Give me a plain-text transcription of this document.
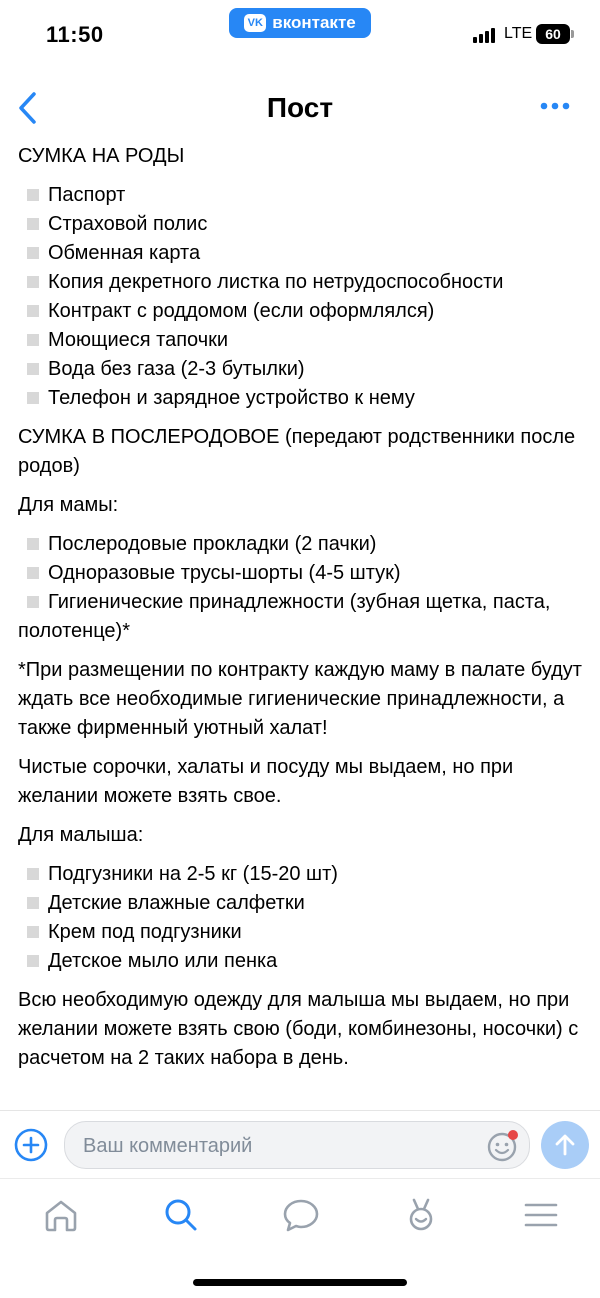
11:50	VK вконтакте
LTE 60
Пост

СУМКА НА РОДЫ

Паспорт
Страховой полис
Обменная карта
Копия декретного листка по нетрудоспособности
Контракт с роддомом (если оформлялся)
Моющиеся тапочки
Вода без газа (2-3 бутылки)
Телефон и зарядное устройство к нему

СУМКА В ПОСЛЕРОДОВОЕ (передают родственники после родов)

Для мамы:

Послеродовые прокладки (2 пачки)
Одноразовые трусы-шорты (4-5 штук)

Гигиенические принадлежности (зубная щетка, паста, полотенце)*

*При размещении по контракту каждую маму в палате будут ждать все необходимые гигиенические принадлежности, а также фирменный уютный халат!

Чистые сорочки, халаты и посуду мы выдаем, но при желании можете взять свое.

Для малыша:

Подгузники на 2-5 кг (15-20 шт)
Детские влажные салфетки
Крем под подгузники
Детское мыло или пенка

Всю необходимую одежду для малыша мы выдаем, но при желании можете взять свою (боди, комбинезоны, носочки) с расчетом на 2 таких набора в день.

Ваш комментарий
